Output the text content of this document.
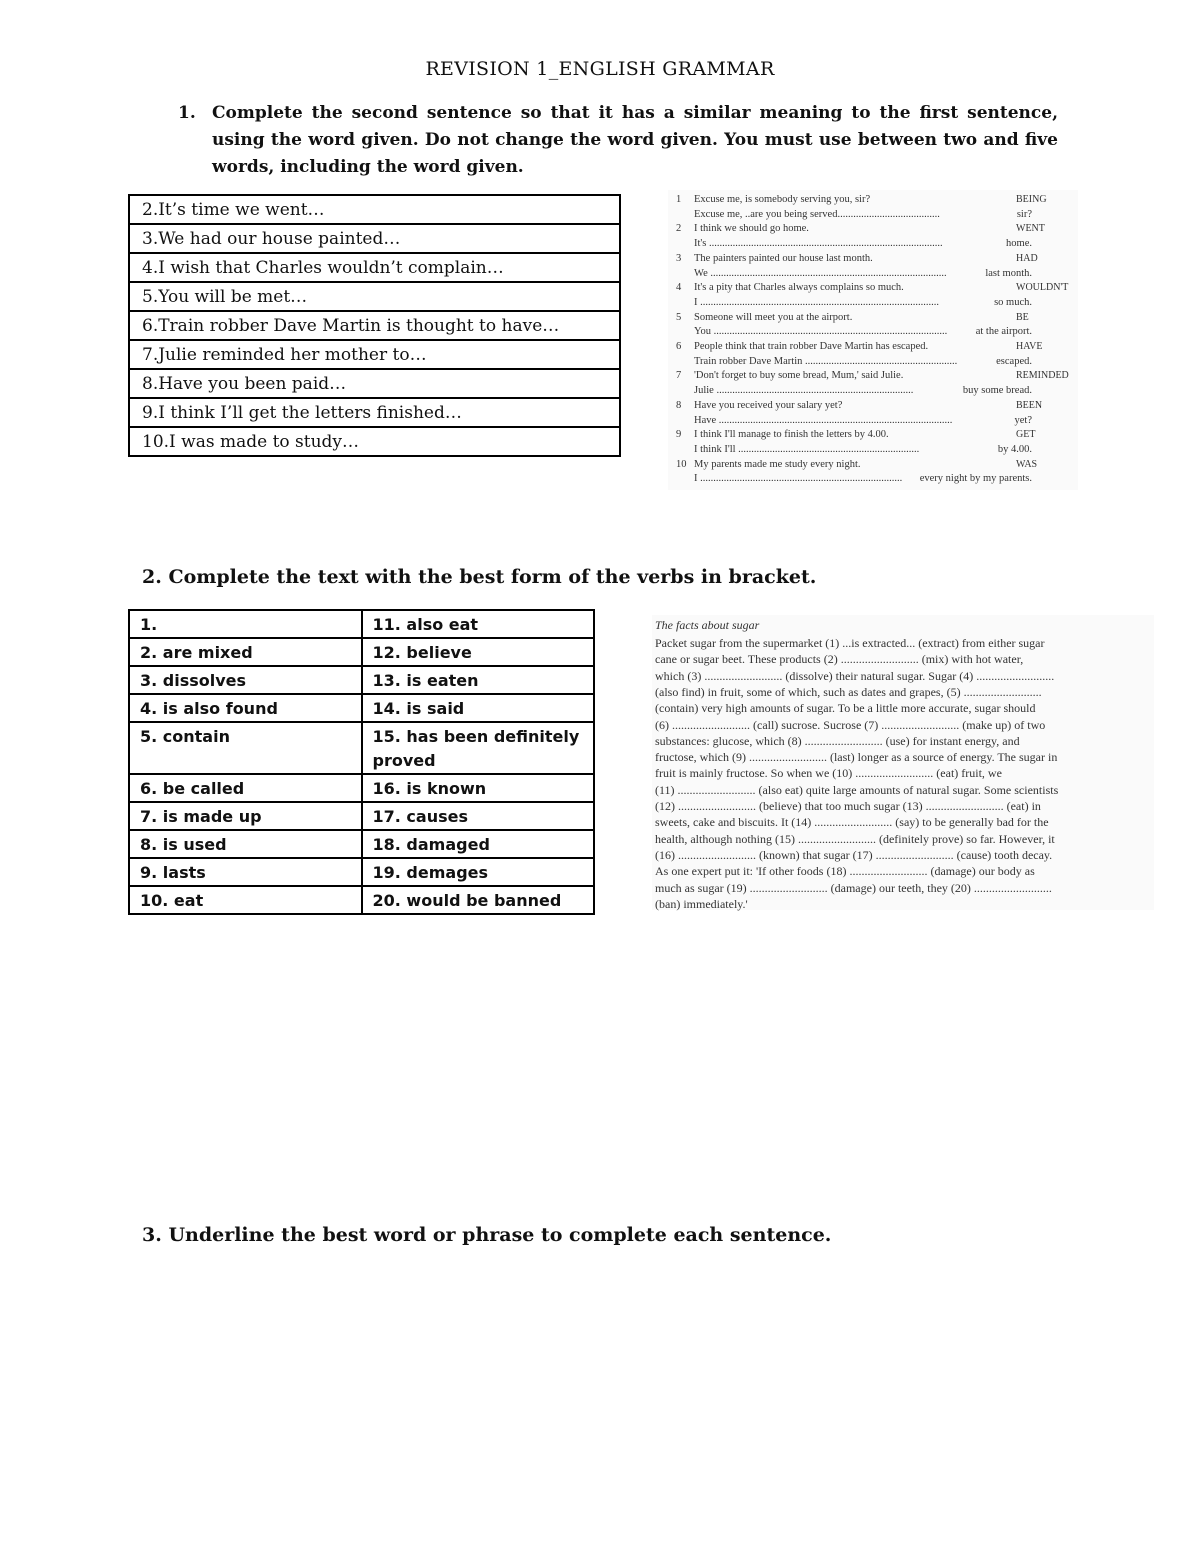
REVISION 1_ENGLISH GRAMMAR
1. Complete the second sentence so that it has a similar meaning to the first sentence, using the word given. Do not change the word given. You must use between two and five words, including the word given.
2.It’s time we went…
3.We had our house painted…
4.I wish that Charles wouldn’t complain…
5.You will be met…
6.Train robber Dave Martin is thought to have…
7.Julie reminded her mother to…
8.Have you been paid…
9.I think I’ll get the letters finished…
10.I was made to study…
1 Excuse me, is somebody serving you, sir?	BEING
Excuse me, ..are you being served.......................................	sir?
2 I think we should go home.	WENT
It's .........................................................................................	home.
3 The painters painted our house last month.	HAD
We ..........................................................................................	last month.
4 It's a pity that Charles always complains so much.	WOULDN'T
I ...........................................................................................	so much.
5 Someone will meet you at the airport.	BE
You .........................................................................................	at the airport.
6 People think that train robber Dave Martin has escaped.	HAVE
Train robber Dave Martin ..........................................................	escaped.
7 'Don't forget to buy some bread, Mum,' said Julie.	REMINDED
Julie ...........................................................................	buy some bread.
8 Have you received your salary yet?	BEEN
Have .........................................................................................	yet?
9 I think I'll manage to finish the letters by 4.00.	GET
I think I'll .....................................................................	by 4.00.
10 My parents made me study every night.	WAS
I ............................................................................. every night by my parents.
2. Complete the text with the best form of the verbs in bracket.
1.	11. also eat
2. are mixed	12. believe
3. dissolves	13. is eaten
4. is also found	14. is said
5. contain	15. has been definitely proved
6. be called	16. is known
7. is made up	17. causes
8. is used	18. damaged
9. lasts	19. demages
10. eat	20. would be banned
The facts about sugar
Packet sugar from the supermarket (1) ...is extracted... (extract) from either sugar
cane or sugar beet. These products (2) .......................... (mix) with hot water,
which (3) .......................... (dissolve) their natural sugar. Sugar (4) ..........................
(also find) in fruit, some of which, such as dates and grapes, (5) ..........................
(contain) very high amounts of sugar. To be a little more accurate, sugar should
(6) .......................... (call) sucrose. Sucrose (7) .......................... (make up) of two
substances: glucose, which (8) .......................... (use) for instant energy, and
fructose, which (9) .......................... (last) longer as a source of energy. The sugar in
fruit is mainly fructose. So when we (10) .......................... (eat) fruit, we
(11) .......................... (also eat) quite large amounts of natural sugar. Some scientists
(12) .......................... (believe) that too much sugar (13) .......................... (eat) in
sweets, cake and biscuits. It (14) .......................... (say) to be generally bad for the
health, although nothing (15) .......................... (definitely prove) so far. However, it
(16) .......................... (known) that sugar (17) .......................... (cause) tooth decay.
As one expert put it: 'If other foods (18) .......................... (damage) our body as
much as sugar (19) .......................... (damage) our teeth, they (20) ..........................
(ban) immediately.'
3. Underline the best word or phrase to complete each sentence.
